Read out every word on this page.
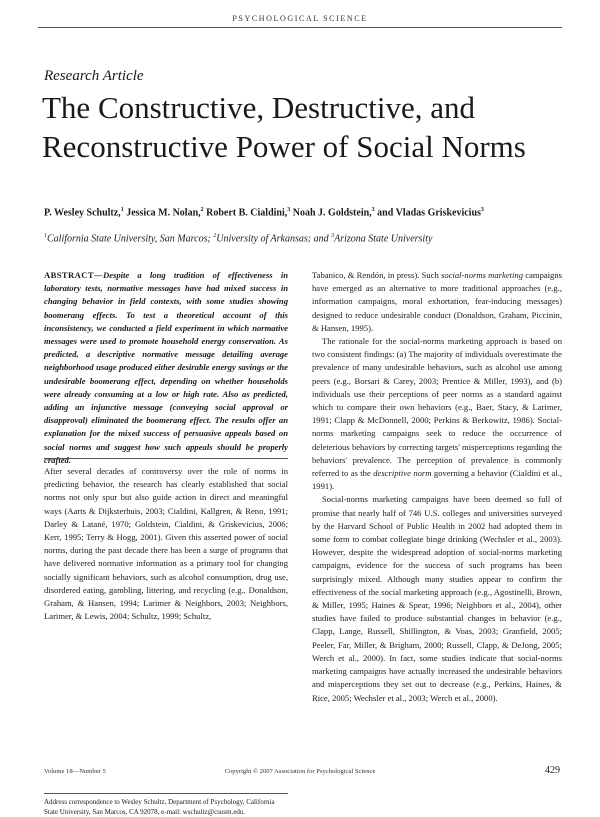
PSYCHOLOGICAL SCIENCE
Research Article
The Constructive, Destructive, and Reconstructive Power of Social Norms
P. Wesley Schultz,$^1$ Jessica M. Nolan,$^2$ Robert B. Cialdini,$^3$ Noah J. Goldstein,$^3$ and Vladas Griskevicius$^3$
$^1$California State University, San Marcos; $^2$University of Arkansas; and $^3$Arizona State University

ABSTRACT—Despite a long tradition of effectiveness in laboratory tests, normative messages have had mixed success in changing behavior in field contexts, with some studies showing boomerang effects. To test a theoretical account of this inconsistency, we conducted a field experiment in which normative messages were used to promote household energy conservation. As predicted, a descriptive normative message detailing average neighborhood usage produced either desirable energy savings or the undesirable boomerang effect, depending on whether households were already consuming at a low or high rate. Also as predicted, adding an injunctive message (conveying social approval or disapproval) eliminated the boomerang effect. The results offer an explanation for the mixed success of persuasive appeals based on social norms and suggest how such appeals should be properly crafted.

After several decades of controversy over the role of norms in predicting behavior, the research has clearly established that social norms not only spur but also guide action in direct and meaningful ways (Aarts & Dijksterhuis, 2003; Cialdini, Kallgren, & Reno, 1991; Darley & Latané, 1970; Goldstein, Cialdini, & Griskevicius, 2006; Kerr, 1995; Terry & Hogg, 2001). Given this asserted power of social norms, during the past decade there has been a surge of programs that have delivered normative information as a primary tool for changing socially significant behaviors, such as alcohol consumption, drug use, disordered eating, gambling, littering, and recycling (e.g., Donaldson, Graham, & Hansen, 1994; Larimer & Neighbors, 2003; Neighbors, Larimer, & Lewis, 2004; Schultz, 1999; Schultz,

Tabanico, & Rendón, in press). Such social-norms marketing campaigns have emerged as an alternative to more traditional approaches (e.g., information campaigns, moral exhortation, fear-inducing messages) designed to reduce undesirable conduct (Donaldson, Graham, Piccinin, & Hansen, 1995).

The rationale for the social-norms marketing approach is based on two consistent findings: (a) The majority of individuals overestimate the prevalence of many undesirable behaviors, such as alcohol use among peers (e.g., Borsari & Carey, 2003; Prentice & Miller, 1993), and (b) individuals use their perceptions of peer norms as a standard against which to compare their own behaviors (e.g., Baer, Stacy, & Larimer, 1991; Clapp & McDonnell, 2000; Perkins & Berkowitz, 1986). Social-norms marketing campaigns seek to reduce the occurrence of deleterious behaviors by correcting targets' misperceptions regarding the behaviors' prevalence. The perception of prevalence is commonly referred to as the descriptive norm governing a behavior (Cialdini et al., 1991).

Social-norms marketing campaigns have been deemed so full of promise that nearly half of 746 U.S. colleges and universities surveyed by the Harvard School of Public Health in 2002 had adopted them in some form to combat collegiate binge drinking (Wechsler et al., 2003). However, despite the widespread adoption of social-norms marketing campaigns, evidence for the success of such programs has been surprisingly mixed. Although many studies appear to confirm the effectiveness of the social marketing approach (e.g., Agostinelli, Brown, & Miller, 1995; Haines & Spear, 1996; Neighbors et al., 2004), other studies have failed to produce substantial changes in behavior (e.g., Clapp, Lange, Russell, Shillington, & Voas, 2003; Granfield, 2005; Peeler, Far, Miller, & Brigham, 2000; Russell, Clapp, & DeJong, 2005; Werch et al., 2000). In fact, some studies indicate that social-norms marketing campaigns have actually increased the undesirable behaviors and misperceptions they set out to decrease (e.g., Perkins, Haines, & Rice, 2005; Wechsler et al., 2003; Werch et al., 2000).

Address correspondence to Wesley Schultz, Department of Psychology, California State University, San Marcos, CA 92078, e-mail: wschultz@csusm.edu.

Volume 18—Number 5	Copyright © 2007 Association for Psychological Science	429
